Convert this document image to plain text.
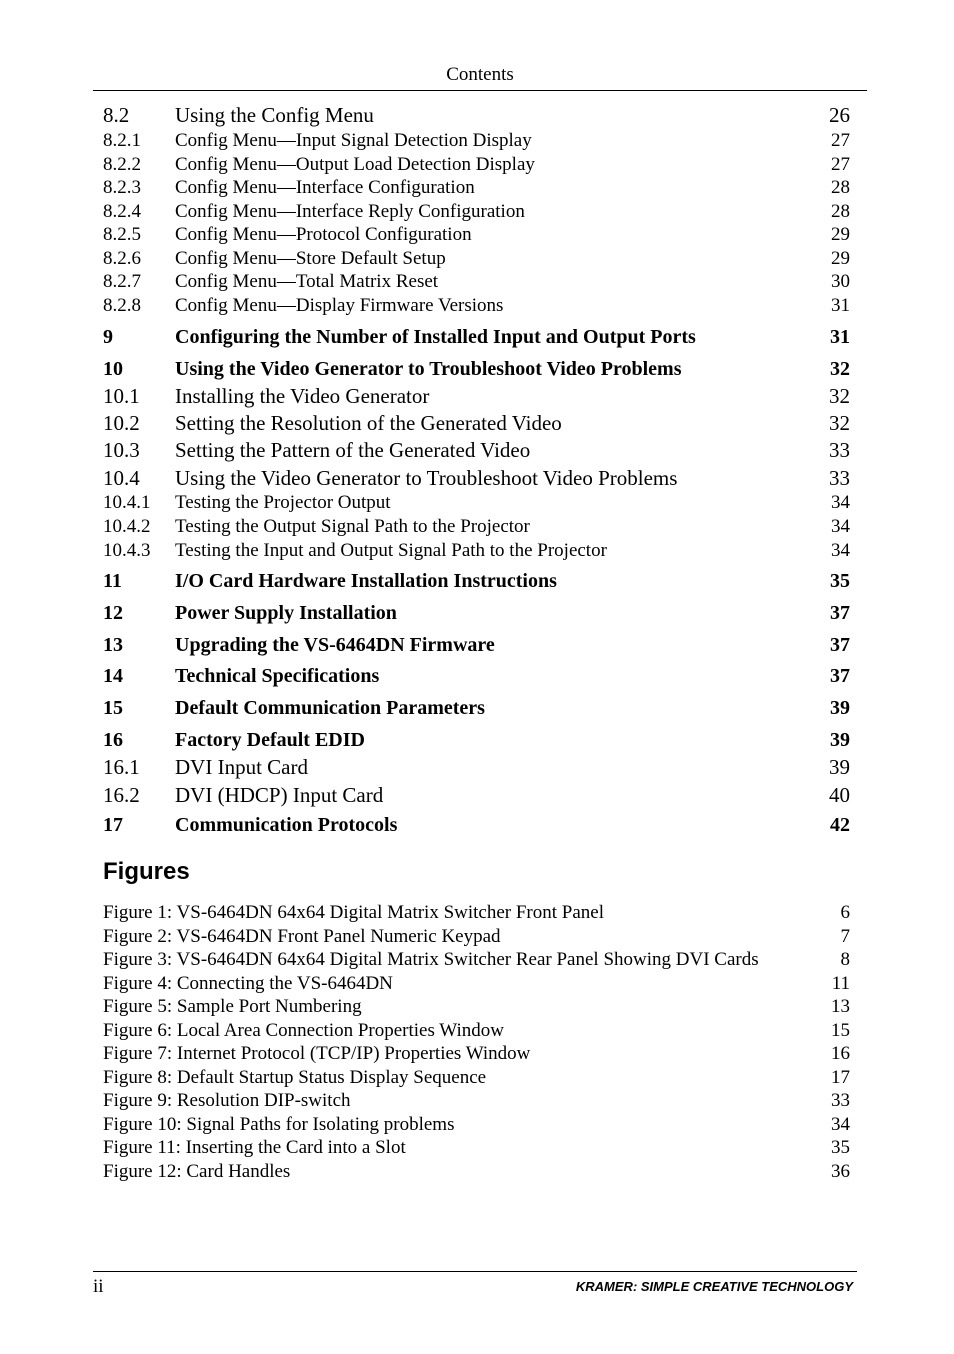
Contents
8.2 Using the Config Menu	26
8.2.1 Config Menu—Input Signal Detection Display	27
8.2.2 Config Menu—Output Load Detection Display	27
8.2.3 Config Menu—Interface Configuration	28
8.2.4 Config Menu—Interface Reply Configuration	28
8.2.5 Config Menu—Protocol Configuration	29
8.2.6 Config Menu—Store Default Setup	29
8.2.7 Config Menu—Total Matrix Reset	30
8.2.8 Config Menu—Display Firmware Versions	31
9	Configuring the Number of Installed Input and Output Ports	31
10	Using the Video Generator to Troubleshoot Video Problems	32
10.1 Installing the Video Generator	32
10.2 Setting the Resolution of the Generated Video	32
10.3 Setting the Pattern of the Generated Video	33
10.4 Using the Video Generator to Troubleshoot Video Problems	33
10.4.1 Testing the Projector Output	34
10.4.2 Testing the Output Signal Path to the Projector	34
10.4.3 Testing the Input and Output Signal Path to the Projector	34
11	I/O Card Hardware Installation Instructions	35
12	Power Supply Installation	37
13	Upgrading the VS-6464DN Firmware	37
14	Technical Specifications	37
15	Default Communication Parameters	39
16	Factory Default EDID	39
16.1 DVI Input Card	39
16.2 DVI (HDCP) Input Card	40
17	Communication Protocols	42
Figures
Figure 1: VS-6464DN 64x64 Digital Matrix Switcher Front Panel	6
Figure 2: VS-6464DN Front Panel Numeric Keypad	7
Figure 3: VS-6464DN 64x64 Digital Matrix Switcher Rear Panel Showing DVI Cards	8
Figure 4: Connecting the VS-6464DN	11
Figure 5: Sample Port Numbering	13
Figure 6: Local Area Connection Properties Window	15
Figure 7: Internet Protocol (TCP/IP) Properties Window	16
Figure 8: Default Startup Status Display Sequence	17
Figure 9: Resolution DIP-switch	33
Figure 10: Signal Paths for Isolating problems	34
Figure 11: Inserting the Card into a Slot	35
Figure 12: Card Handles	36
ii	KRAMER: SIMPLE CREATIVE TECHNOLOGY
